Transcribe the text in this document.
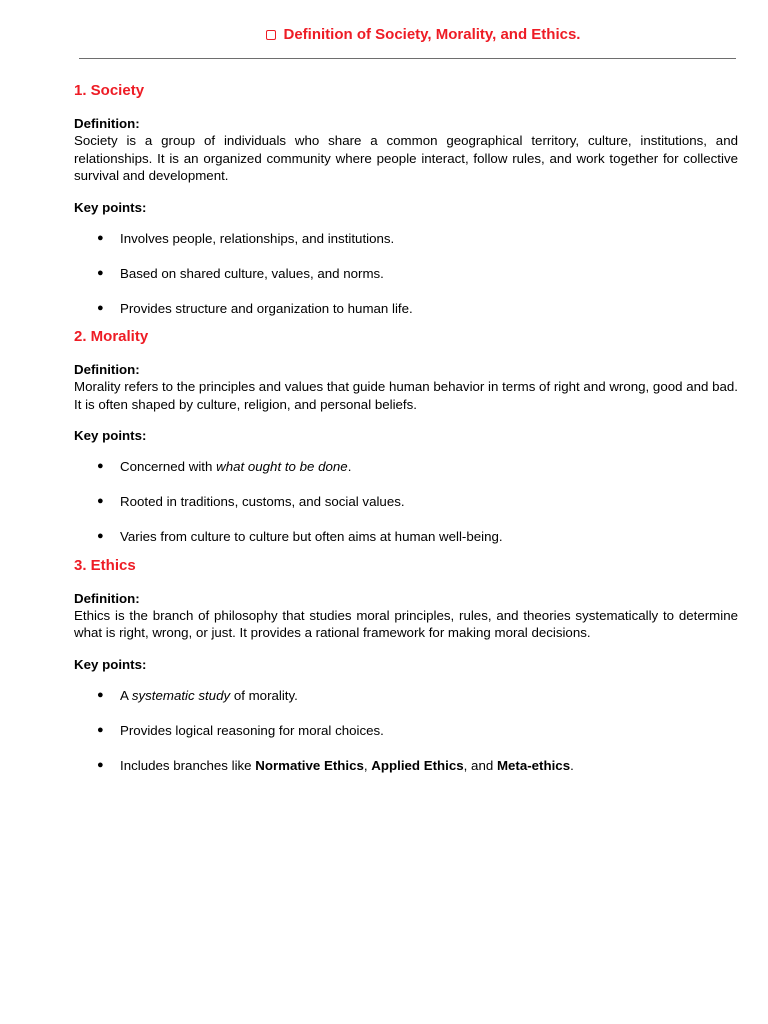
Definition of Society, Morality, and Ethics.
1. Society

Definition:

Society is a group of individuals who share a common geographical territory, culture, institutions, and relationships. It is an organized community where people interact, follow rules, and work together for collective survival and development.

Key points:

● Involves people, relationships, and institutions.
● Based on shared culture, values, and norms.
● Provides structure and organization to human life.
2. Morality

Definition:

Morality refers to the principles and values that guide human behavior in terms of right and wrong, good and bad. It is often shaped by culture, religion, and personal beliefs.

Key points:

● Concerned with what ought to be done.
● Rooted in traditions, customs, and social values.
● Varies from culture to culture but often aims at human well-being.
3. Ethics

Definition:

Ethics is the branch of philosophy that studies moral principles, rules, and theories systematically to determine what is right, wrong, or just. It provides a rational framework for making moral decisions.

Key points:

● A systematic study of morality.
● Provides logical reasoning for moral choices.
● Includes branches like Normative Ethics, Applied Ethics, and Meta-ethics.
